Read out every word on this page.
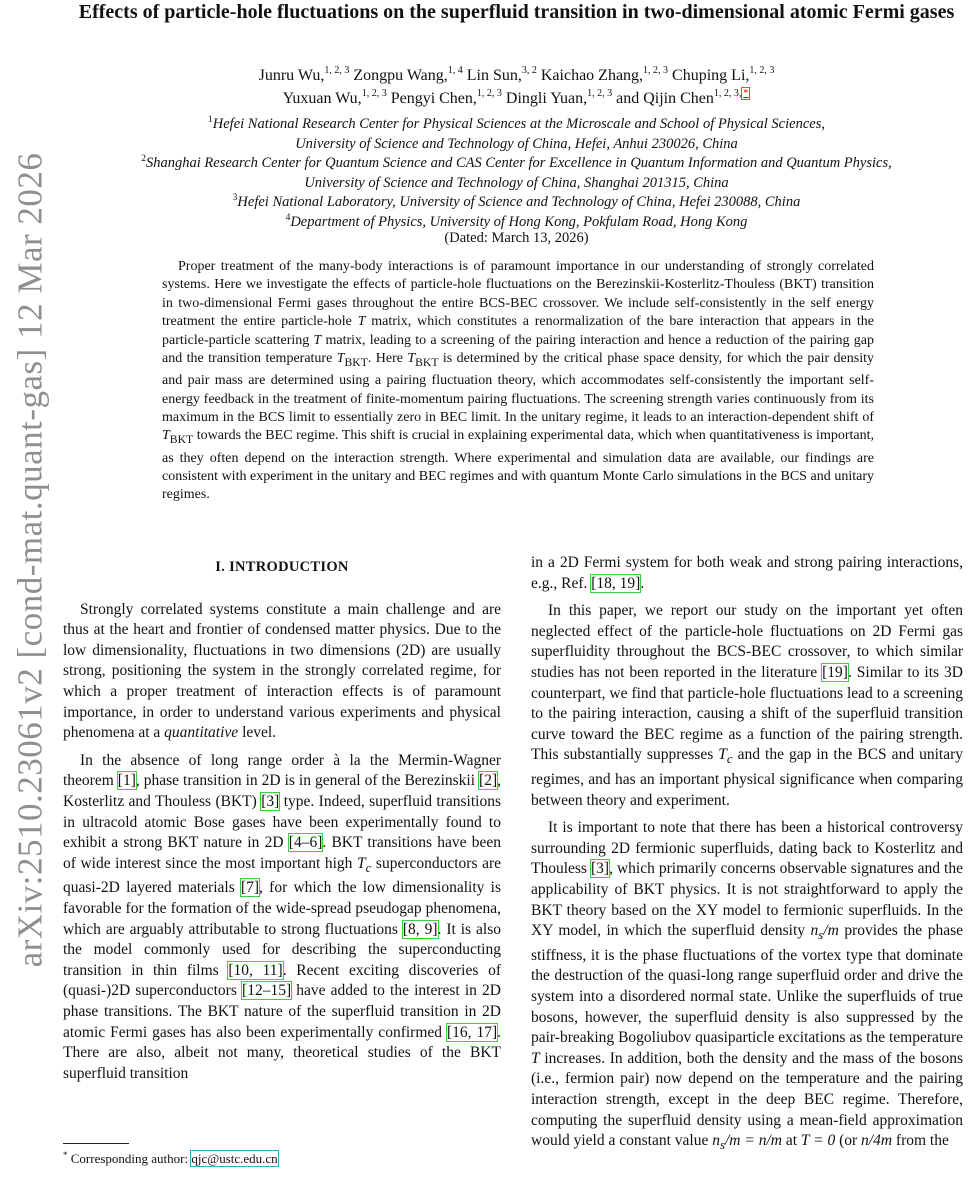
arXiv:2510.23061v2 [cond-mat.quant-gas] 12 Mar 2026
Effects of particle-hole fluctuations on the superfluid transition in two-dimensional atomic Fermi gases
Junru Wu,$^{1, 2, 3}$ Zongpu Wang,$^{1, 4}$ Lin Sun,$^{3, 2}$ Kaichao Zhang,$^{1, 2, 3}$ Chuping Li,$^{1, 2, 3}$
Yuxuan Wu,$^{1, 2, 3}$ Pengyi Chen,$^{1, 2, 3}$ Dingli Yuan,$^{1, 2, 3}$ and Qijin Chen$^{1, 2, 3, *}$
$^1$Hefei National Research Center for Physical Sciences at the Microscale and School of Physical Sciences,
University of Science and Technology of China, Hefei, Anhui 230026, China
$^2$Shanghai Research Center for Quantum Science and CAS Center for Excellence in Quantum Information and Quantum Physics,
University of Science and Technology of China, Shanghai 201315, China
$^3$Hefei National Laboratory, University of Science and Technology of China, Hefei 230088, China
$^4$Department of Physics, University of Hong Kong, Pokfulam Road, Hong Kong
(Dated: March 13, 2026)
Proper treatment of the many-body interactions is of paramount importance in our understanding of strongly correlated systems. Here we investigate the effects of particle-hole fluctuations on the Berezinskii-Kosterlitz-Thouless (BKT) transition in two-dimensional Fermi gases throughout the entire BCS-BEC crossover. We include self-consistently in the self energy treatment the entire particle-hole T matrix, which constitutes a renormalization of the bare interaction that appears in the particle-particle scattering T matrix, leading to a screening of the pairing interaction and hence a reduction of the pairing gap and the transition temperature $T_{BKT}$. Here $T_{BKT}$ is determined by the critical phase space density, for which the pair density and pair mass are determined using a pairing fluctuation theory, which accommodates self-consistently the important self-energy feedback in the treatment of finite-momentum pairing fluctuations. The screening strength varies continuously from its maximum in the BCS limit to essentially zero in BEC limit. In the unitary regime, it leads to an interaction-dependent shift of $T_{BKT}$ towards the BEC regime. This shift is crucial in explaining experimental data, which when quantitativeness is important, as they often depend on the interaction strength. Where experimental and simulation data are available, our findings are consistent with experiment in the unitary and BEC regimes and with quantum Monte Carlo simulations in the BCS and unitary regimes.
I. INTRODUCTION

Strongly correlated systems constitute a main challenge and are thus at the heart and frontier of condensed matter physics. Due to the low dimensionality, fluctuations in two dimensions (2D) are usually strong, positioning the system in the strongly correlated regime, for which a proper treatment of interaction effects is of paramount importance, in order to understand various experiments and physical phenomena at a quantitative level.

In the absence of long range order à la the Mermin-Wagner theorem [1], phase transition in 2D is in general of the Berezinskii [2], Kosterlitz and Thouless (BKT) [3] type. Indeed, superfluid transitions in ultracold atomic Bose gases have been experimentally found to exhibit a strong BKT nature in 2D [4–6]. BKT transitions have been of wide interest since the most important high $T_c$ superconductors are quasi-2D layered materials [7], for which the low dimensionality is favorable for the formation of the wide-spread pseudogap phenomena, which are arguably attributable to strong fluctuations [8, 9]. It is also the model commonly used for describing the superconducting transition in thin films [10, 11]. Recent exciting discoveries of (quasi-)2D superconductors [12–15] have added to the interest in 2D phase transitions. The BKT nature of the superfluid transition in 2D atomic Fermi gases has also been experimentally confirmed [16, 17]. There are also, albeit not many, theoretical studies of the BKT superfluid transition

in a 2D Fermi system for both weak and strong pairing interactions, e.g., Ref. [18, 19].

In this paper, we report our study on the important yet often neglected effect of the particle-hole fluctuations on 2D Fermi gas superfluidity throughout the BCS-BEC crossover, to which similar studies has not been reported in the literature [19]. Similar to its 3D counterpart, we find that particle-hole fluctuations lead to a screening to the pairing interaction, causing a shift of the superfluid transition curve toward the BEC regime as a function of the pairing strength. This substantially suppresses $T_c$ and the gap in the BCS and unitary regimes, and has an important physical significance when comparing between theory and experiment.

It is important to note that there has been a historical controversy surrounding 2D fermionic superfluids, dating back to Kosterlitz and Thouless [3], which primarily concerns observable signatures and the applicability of BKT physics. It is not straightforward to apply the BKT theory based on the XY model to fermionic superfluids. In the XY model, in which the superfluid density $n_s/m$ provides the phase stiffness, it is the phase fluctuations of the vortex type that dominate the destruction of the quasi-long range superfluid order and drive the system into a disordered normal state. Unlike the superfluids of true bosons, however, the superfluid density is also suppressed by the pair-breaking Bogoliubov quasiparticle excitations as the temperature T increases. In addition, both the density and the mass of the bosons (i.e., fermion pair) now depend on the temperature and the pairing interaction strength, except in the deep BEC regime. Therefore, computing the superfluid density using a mean-field approximation would yield a constant value $n_s/m = n/m$ at T = 0 (or n/4m from the

* Corresponding author: qjc@ustc.edu.cn
